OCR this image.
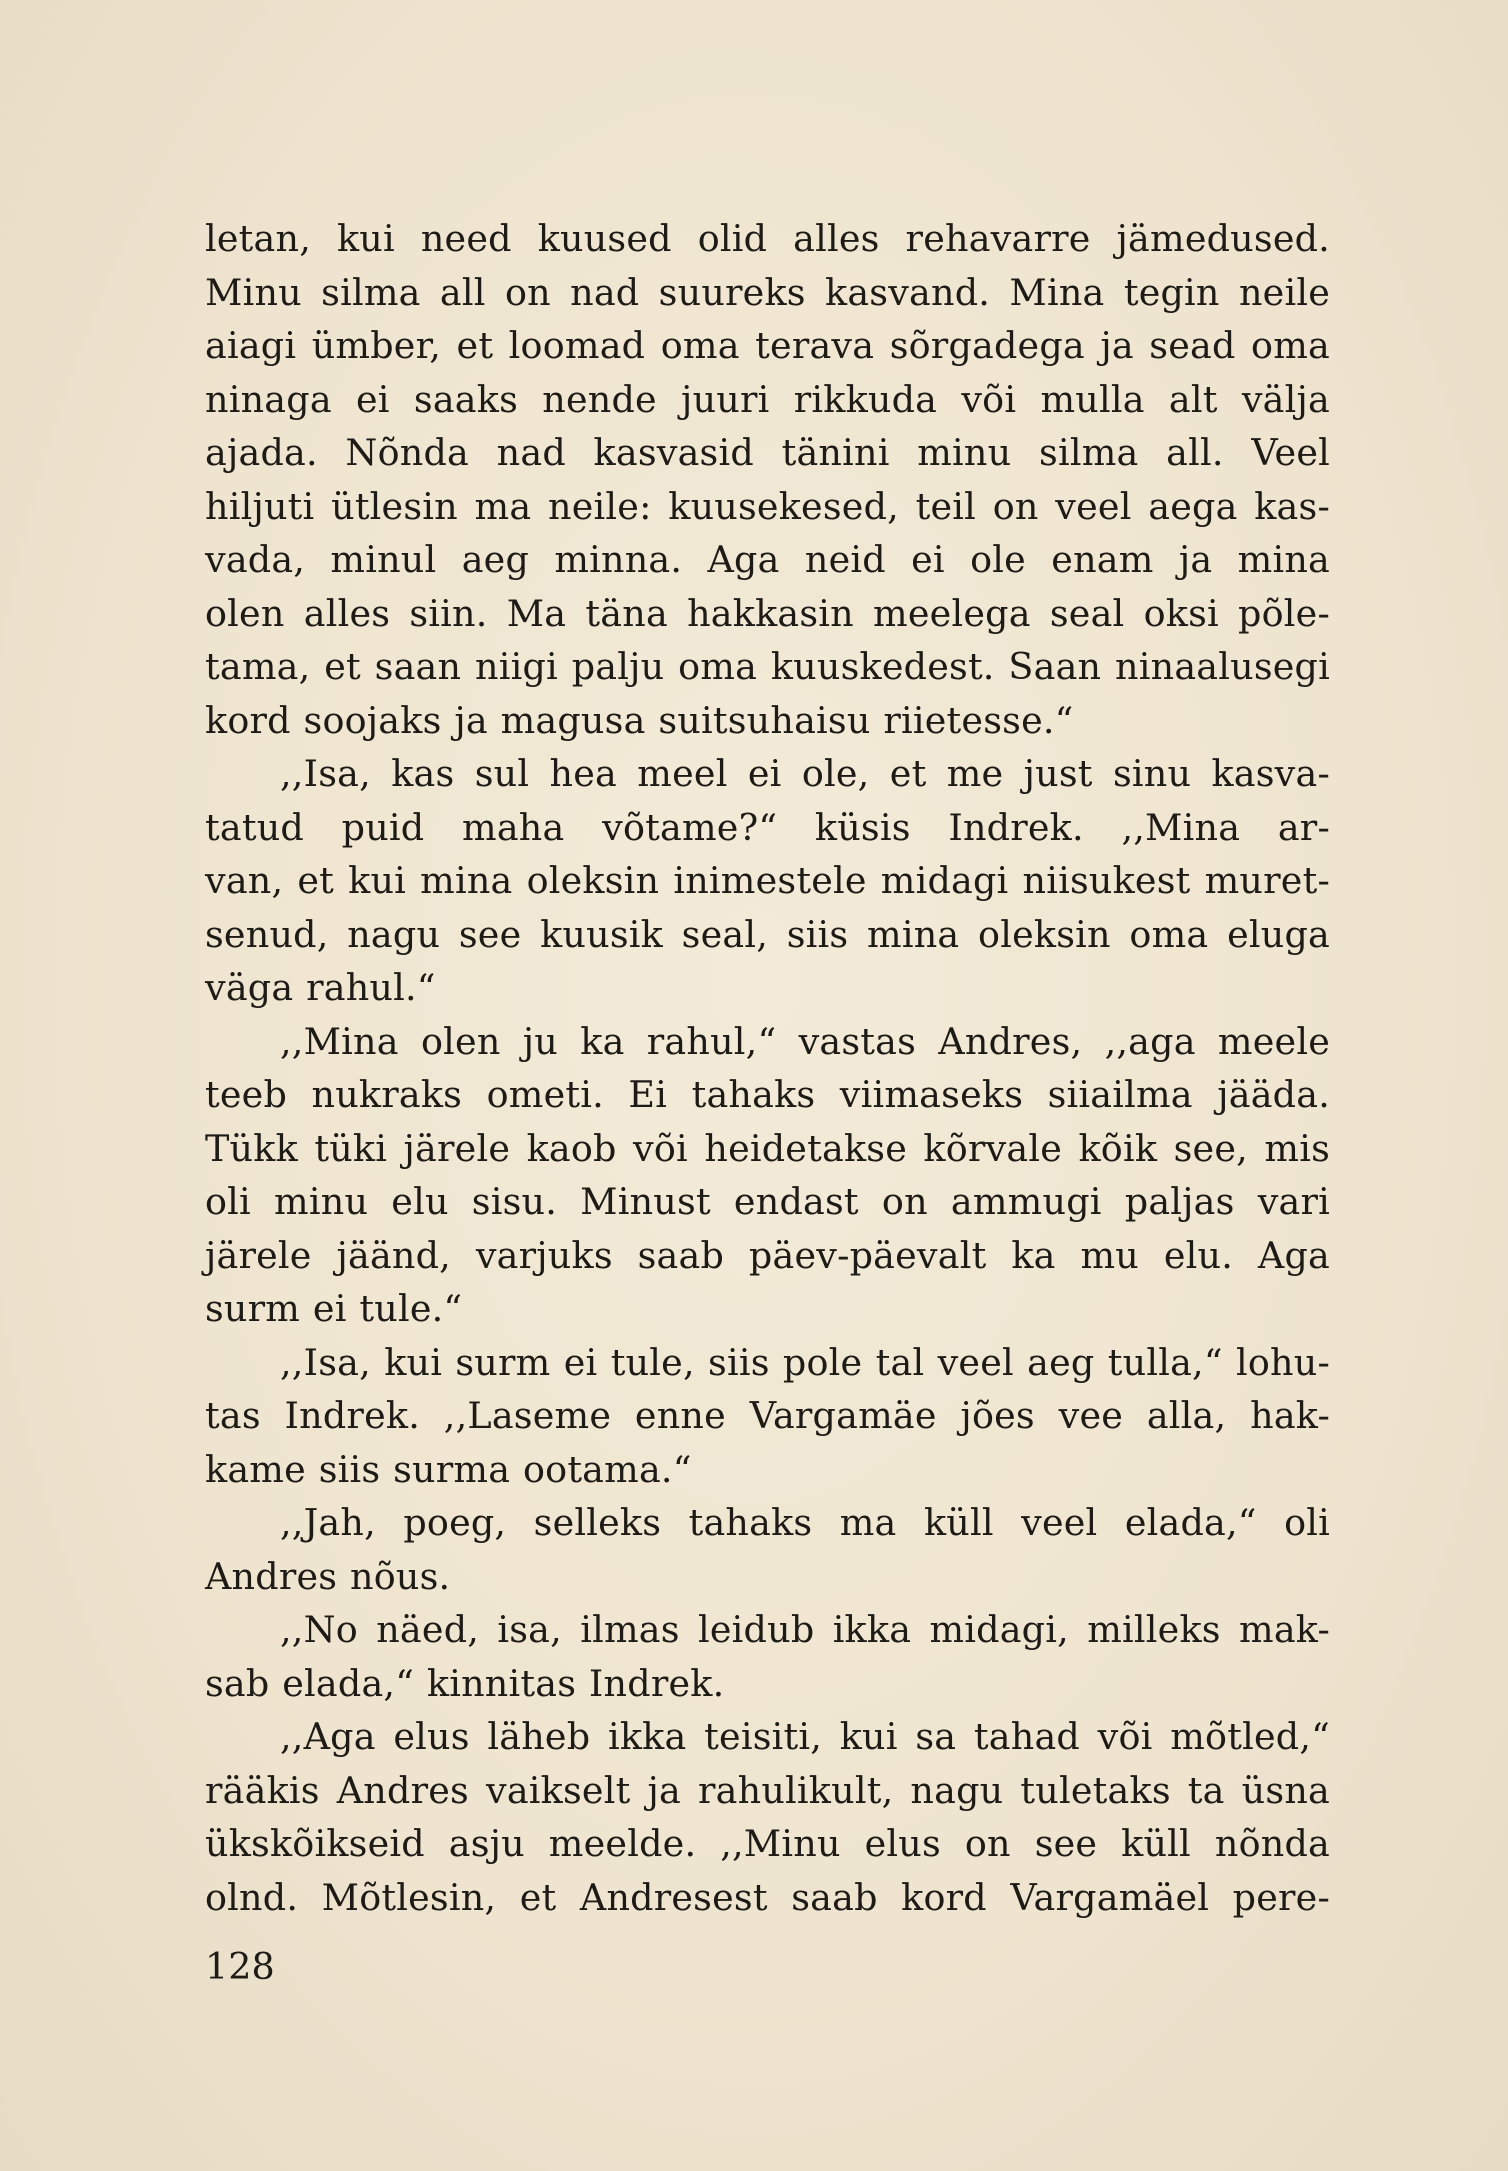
letan, kui need kuused olid alles rehavarre jämedused.
Minu silma all on nad suureks kasvand. Mina tegin neile
aiagi ümber, et loomad oma terava sõrgadega ja sead oma
ninaga ei saaks nende juuri rikkuda või mulla alt välja
ajada. Nõnda nad kasvasid tänini minu silma all. Veel
hiljuti ütlesin ma neile: kuusekesed, teil on veel aega kas-
vada, minul aeg minna. Aga neid ei ole enam ja mina
olen alles siin. Ma täna hakkasin meelega seal oksi põle-
tama, et saan niigi palju oma kuuskedest. Saan ninaalusegi
kord soojaks ja magusa suitsuhaisu riietesse.“
,,Isa, kas sul hea meel ei ole, et me just sinu kasva-
tatud puid maha võtame?“ küsis Indrek. ,,Mina ar-
van, et kui mina oleksin inimestele midagi niisukest muret-
senud, nagu see kuusik seal, siis mina oleksin oma eluga
väga rahul.“
,,Mina olen ju ka rahul,“ vastas Andres, ,,aga meele
teeb nukraks ometi. Ei tahaks viimaseks siiailma jääda.
Tükk tüki järele kaob või heidetakse kõrvale kõik see, mis
oli minu elu sisu. Minust endast on ammugi paljas vari
järele jäänd, varjuks saab päev-päevalt ka mu elu. Aga
surm ei tule.“
,,Isa, kui surm ei tule, siis pole tal veel aeg tulla,“ lohu-
tas Indrek. ,,Laseme enne Vargamäe jões vee alla, hak-
kame siis surma ootama.“
,,Jah, poeg, selleks tahaks ma küll veel elada,“ oli
Andres nõus.
,,No näed, isa, ilmas leidub ikka midagi, milleks mak-
sab elada,“ kinnitas Indrek.
,,Aga elus läheb ikka teisiti, kui sa tahad või mõtled,“
rääkis Andres vaikselt ja rahulikult, nagu tuletaks ta üsna
ükskõikseid asju meelde. ,,Minu elus on see küll nõnda
olnd. Mõtlesin, et Andresest saab kord Vargamäel pere-
128
